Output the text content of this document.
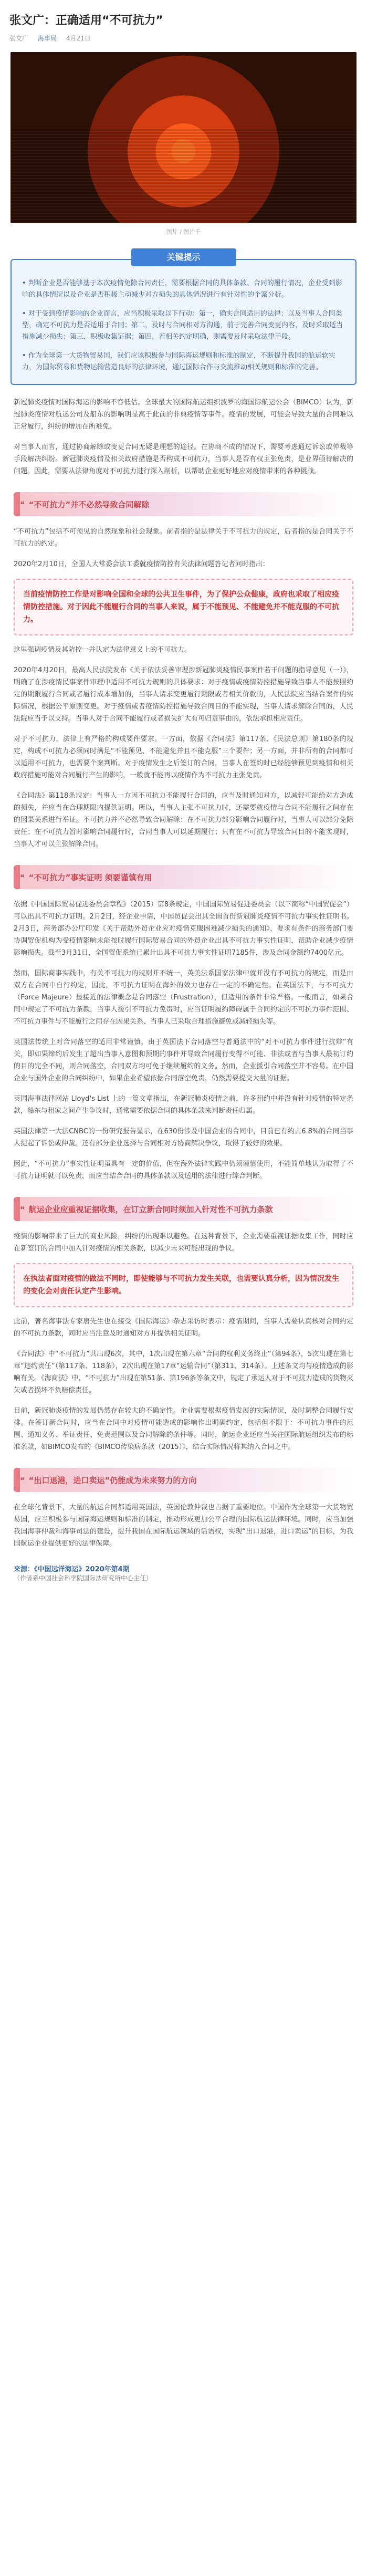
张文广：正确适用“不可抗力”
张文广 海事局 4月21日
图片 / 图片千
关键提示
• 判断企业是否能够基于本次疫情免除合同责任，需要根据合同的具体条款、合同的履行情况，企业受到影响的具体情况以及企业是否积极主动减少对方损失的具体情况进行有针对性的个案分析。
• 对于受到疫情影响的企业而言，应当积极采取以下行动：第一，确实合同适用的法律；以及当事人合同类型，确定不可抗力是否适用于合同；第二，及时与合同相对方沟通，前于完善合同变更内容，及时采取适当措施减少损失；第三，积极收集证据；第四，若相关约定明确，则需要及时采取法律手段。
• 作为全球第一大货物贸易国，我们应该积极参与国际海运规则和标准的制定，不断提升我国的航运软实力，为国际贸易和货物运输营造良好的法律环境，通过国际合作与交流推动相关规则和标准的完善。

新冠肺炎疫情对国际海运的影响不容低估。全球最大的国际航运组织波罗的海国际航运公会（BIMCO）认为，新冠肺炎疫情对航运公司及船东的影响明显高于此前的非典疫情等事件。疫情的发展，可能会导致大量的合同难以正常履行，纠纷的增加在所难免。

对当事人而言，通过协商解除或变更合同无疑是理想的途径。在协商不成的情况下，需要考虑通过诉讼或仲裁等手段解决纠纷。新冠肺炎疫情及相关政府措施是否构成不可抗力，当事人是否有权主张免责，是业界亟待解决的问题。因此，需要从法律角度对不可抗力进行深入剖析，以帮助企业更好地应对疫情带来的各种挑战。

❝ “不可抗力”并不必然导致合同解除

“不可抗力”包括不可预见的自然现象和社会现象。前者指的是法律关于不可抗力的规定，后者指的是合同关于不可抗力的约定。

2020年2月10日，全国人大常委会法工委就疫情防控有关法律问题答记者问时指出：

当前疫情防控工作是对影响全国和全球的公共卫生事件，为了保护公众健康，政府也采取了相应疫情防控措施。对于因此不能履行合同的当事人来说，属于不能预见、不能避免并不能克服的不可抗力。

这里强调疫情及其防控一并认定为法律意义上的不可抗力。

2020年4月20日，最高人民法院发布《关于依法妥善审理涉新冠肺炎疫情民事案件若干问题的指导意见（一）》，明确了在涉疫情民事案件审理中适用不可抗力规则的具体要求：对于疫情或疫情防控措施导致当事人不能按照约定的期限履行合同或者履行成本增加的，当事人请求变更履行期限或者相关价款的，人民法院应当结合案件的实际情况，根据公平原则变更。对于疫情或者疫情防控措施导致合同目的不能实现，当事人请求解除合同的，人民法院应当予以支持。当事人对于合同不能履行或者损失扩大有可归责事由的，依法承担相应责任。

对于不可抗力，法律上有严格的构成要件要求。一方面，依据《合同法》第117条、《民法总则》第180条的规定，构成不可抗力必须同时满足“不能预见、不能避免并且不能克服”三个要件；另一方面，并非所有的合同都可以适用不可抗力，也需要个案判断。对于疫情发生之后签订的合同，当事人在签约时已经能够预见到疫情和相关政府措施可能对合同履行产生的影响，一般就不能再以疫情作为不可抗力主张免责。

《合同法》第118条规定：当事人一方因不可抗力不能履行合同的，应当及时通知对方，以减轻可能给对方造成的损失，并应当在合理期限内提供证明。所以，当事人主张不可抗力时，还需要就疫情与合同不能履行之间存在的因果关系进行举证。不可抗力并不必然导致合同解除：在不可抗力部分影响合同履行时，当事人可以部分免除责任；在不可抗力暂时影响合同履行时，合同当事人可以延期履行；只有在不可抗力导致合同目的不能实现时，当事人才可以主张解除合同。

❝ “不可抗力”事实证明 须要谨慎有用

依据《中国国际贸易促进委员会章程》（2015）第8条规定，中国国际贸易促进委员会（以下简称“中国贸促会”）可以出具不可抗力证明。2月2日，经企业申请，中国贸促会出具全国首份新冠肺炎疫情不可抗力事实性证明书。2月3日，商务部办公厅印发《关于帮助外贸企业应对疫情克服困难减少损失的通知》，要求有条件的商务部门要协调贸促机构为受疫情影响未能按时履行国际贸易合同的外贸企业出具不可抗力事实性证明，帮助企业减少疫情影响损失。截至3月31日，全国贸促系统已累计出具不可抗力事实性证明7185件，涉及合同金额约7400亿元。

然而，国际商事实践中，有关不可抗力的规则并不统一，英美法系国家法律中就并没有不可抗力的规定，而是由双方在合同中自行约定，因此，不可抗力证明在海外的效力也存在一定的不确定性。在英国法下，与不可抗力（Force Majeure）最接近的法律概念是合同落空（Frustration），但适用的条件非常严格。一般而言，如果合同中规定了不可抗力条款，当事人援引不可抗力免责时，应当证明履约障碍属于合同约定的不可抗力事件范围、不可抗力事件与不能履行之间存在因果关系、当事人已采取合理措施避免或减轻损失等。

英国法传统上对合同落空的适用非常谨慎，由于英国法下合同落空与普通法中的“对不可抗力事件进行抗辩”有关，即如果缔约后发生了超出当事人意图和预期的事件并导致合同履行变得不可能、非法或者与当事人最初订约的目的完全不同，则合同落空，合同双方均可免于继续履约的义务。然而，企业援引合同落空并不容易。在中国企业与国外企业的合同纠纷中，如果企业希望依据合同落空免责，仍然需要提交大量的证据。

英国海事法律网站 Lloyd's List 上的一篇文章指出，在新冠肺炎疫情之前，许多租约中并没有针对疫情的特定条款，船东与租家之间产生争议时，通常需要依据合同的具体条款来判断责任归属。

英国法律第一大法CNBC的一份研究报告显示，在630份涉及中国企业的合同中，目前已有约占6.8%的合同当事人提起了诉讼或仲裁。还有部分企业选择与合同相对方协商解决争议，取得了较好的效果。

因此，“不可抗力”事实性证明虽具有一定的价值，但在海外法律实践中仍须谨慎使用，不能简单地认为取得了不可抗力证明就可以免责，而应当结合合同的具体条款以及适用的法律进行综合判断。

❝ 航运企业应重视证据收集，在订立新合同时须加入针对性不可抗力条款

疫情的影响带来了巨大的商业风险，纠纷的出现难以避免。在这种背景下，企业需要重视证据收集工作，同时应在新签订的合同中加入针对疫情的相关条款，以减少未来可能出现的争议。

在执法者面对疫情的做法不同时，即使能够与不可抗力发生关联，也需要认真分析，因为情况发生的变化会对责任认定产生影响。

此前，著名海事法专家唐先生也在接受《国际海运》杂志采访时表示：疫情期间，当事人需要认真核对合同约定的不可抗力条款，同时应当注意及时通知对方并提供相关证明。

《合同法》中“不可抗力”共出现6次，其中，1次出现在第六章“合同的权利义务终止”（第94条），5次出现在第七章“违约责任”（第117条、118条），2次出现在第17章“运输合同”（第311、314条）。上述条文均与疫情造成的影响有关。《海商法》中，“不可抗力”出现在第51条、第196条等条文中，规定了承运人对于不可抗力造成的货物灭失或者损坏不负赔偿责任。

目前，新冠肺炎疫情的发展仍然存在较大的不确定性。企业需要根据疫情发展的实际情况，及时调整合同履行安排。在签订新合同时，应当在合同中对疫情可能造成的影响作出明确约定，包括但不限于：不可抗力事件的范围、通知义务、举证责任、免责范围以及合同解除的条件等。同时，航运企业还应当关注国际航运组织发布的标准条款，如BIMCO发布的《BIMCO传染病条款（2015）》，结合实际情况将其纳入合同之中。

❝ “出口退港，进口卖运”仍能成为未来努力的方向

在全球化背景下，大量的航运合同都适用英国法，英国伦敦仲裁也占据了重要地位。中国作为全球第一大货物贸易国，应当积极参与国际海运规则和标准的制定，推动形成更加公平合理的国际航运法律环境。同时，应当加强我国海事仲裁和海事司法的建设，提升我国在国际航运领域的话语权，实现“出口退港，进口卖运”的目标，为我国航运企业提供更好的法律保障。

来源：《中国远洋海运》2020年第4期
（作者系中国社会科学院国际法研究所中心主任）
